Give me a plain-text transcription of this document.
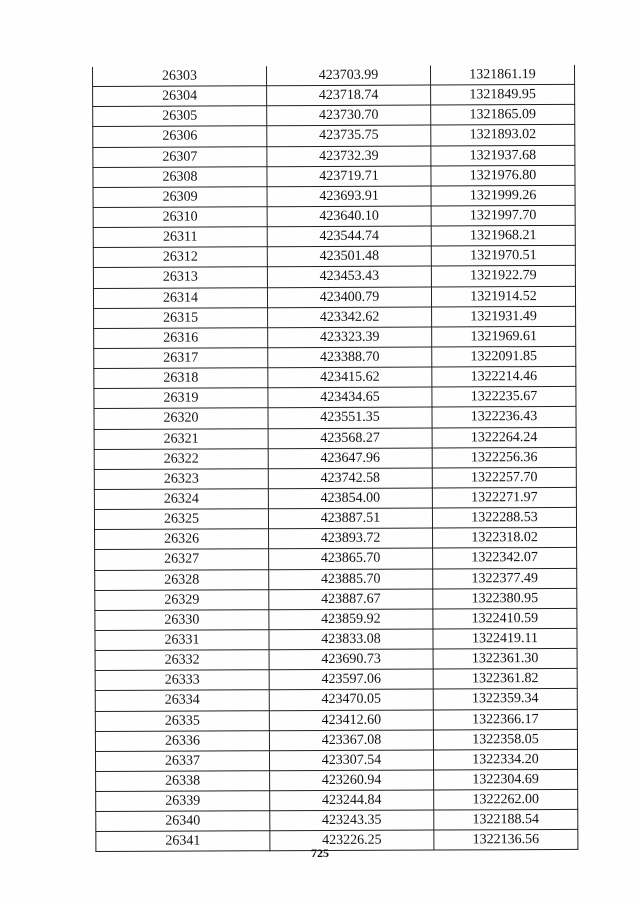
26303	423703.99	1321861.19
26304	423718.74	1321849.95
26305	423730.70	1321865.09
26306	423735.75	1321893.02
26307	423732.39	1321937.68
26308	423719.71	1321976.80
26309	423693.91	1321999.26
26310	423640.10	1321997.70
26311	423544.74	1321968.21
26312	423501.48	1321970.51
26313	423453.43	1321922.79
26314	423400.79	1321914.52
26315	423342.62	1321931.49
26316	423323.39	1321969.61
26317	423388.70	1322091.85
26318	423415.62	1322214.46
26319	423434.65	1322235.67
26320	423551.35	1322236.43
26321	423568.27	1322264.24
26322	423647.96	1322256.36
26323	423742.58	1322257.70
26324	423854.00	1322271.97
26325	423887.51	1322288.53
26326	423893.72	1322318.02
26327	423865.70	1322342.07
26328	423885.70	1322377.49
26329	423887.67	1322380.95
26330	423859.92	1322410.59
26331	423833.08	1322419.11
26332	423690.73	1322361.30
26333	423597.06	1322361.82
26334	423470.05	1322359.34
26335	423412.60	1322366.17
26336	423367.08	1322358.05
26337	423307.54	1322334.20
26338	423260.94	1322304.69
26339	423244.84	1322262.00
26340	423243.35	1322188.54
26341	423226.25	1322136.56
725
